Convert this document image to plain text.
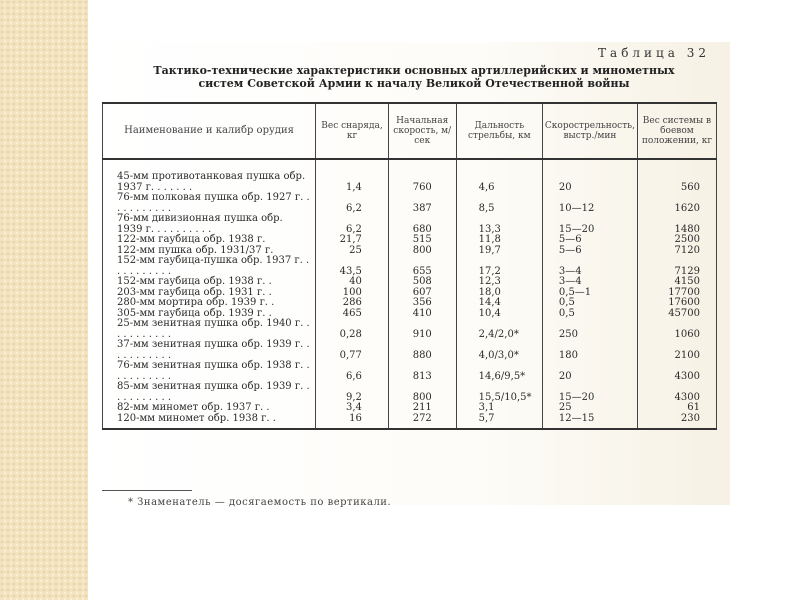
Таблица 32
Тактико-технические характеристики основных артиллерийских и минометных
систем Советской Армии к началу Великой Отечественной войны
Наименование и калибр орудия	Вес снаряда, кг	Начальная скорость, м/сек	Дальность стрельбы, км	Скорострельность, выстр./мин	Вес системы в боевом положении, кг
45-мм противотанковая пушка обр. 1937 г. . . . . . .	1,4	760	4,6	20	560
76-мм полковая пушка обр. 1927 г. . . . . . . . . . .	6,2	387	8,5	10—12	1620
76-мм дивизионная пушка обр. 1939 г. . . . . . . . . .	6,2	680	13,3	15—20	1480
122-мм гаубица обр. 1938 г.	21,7	515	11,8	5—6	2500
122-мм пушка обр. 1931/37 г.	25	800	19,7	5—6	7120
152-мм гаубица-пушка обр. 1937 г. . . . . . . . . . .	43,5	655	17,2	3—4	7129
152-мм гаубица обр. 1938 г. .	40	508	12,3	3—4	4150
203-мм гаубица обр. 1931 г. .	100	607	18,0	0,5—1	17700
280-мм мортира обр. 1939 г. .	286	356	14,4	0,5	17600
305-мм гаубица обр. 1939 г. .	465	410	10,4	0,5	45700
25-мм зенитная пушка обр. 1940 г. . . . . . . . . . .	0,28	910	2,4/2,0*	250	1060
37-мм зенитная пушка обр. 1939 г. . . . . . . . . . .	0,77	880	4,0/3,0*	180	2100
76-мм зенитная пушка обр. 1938 г. . . . . . . . . . .	6,6	813	14,6/9,5*	20	4300
85-мм зенитная пушка обр. 1939 г. . . . . . . . . . .	9,2	800	15,5/10,5*	15—20	4300
82-мм миномет обр. 1937 г. .	3,4	211	3,1	25	61
120-мм миномет обр. 1938 г. .	16	272	5,7	12—15	230
* Знаменатель — досягаемость по вертикали.
